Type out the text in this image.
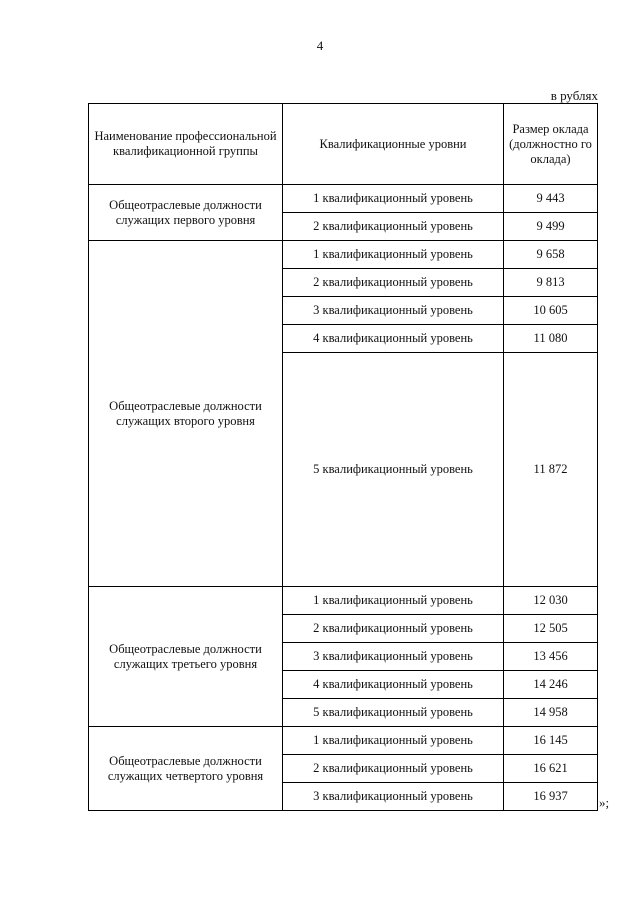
4
в рублях
Наименование профессиональной квалификационной группы	Квалификационные уровни	Размер оклада (должностно го оклада)
Общеотраслевые должности служащих первого уровня	1 квалификационный уровень	9 443
	2 квалификационный уровень	9 499
Общеотраслевые должности служащих второго уровня	1 квалификационный уровень	9 658
	2 квалификационный уровень	9 813
	3 квалификационный уровень	10 605
	4 квалификационный уровень	11 080
	5 квалификационный уровень	11 872
Общеотраслевые должности служащих третьего уровня	1 квалификационный уровень	12 030
	2 квалификационный уровень	12 505
	3 квалификационный уровень	13 456
	4 квалификационный уровень	14 246
	5 квалификационный уровень	14 958
Общеотраслевые должности служащих четвертого уровня	1 квалификационный уровень	16 145
	2 квалификационный уровень	16 621
	3 квалификационный уровень	16 937 »;
